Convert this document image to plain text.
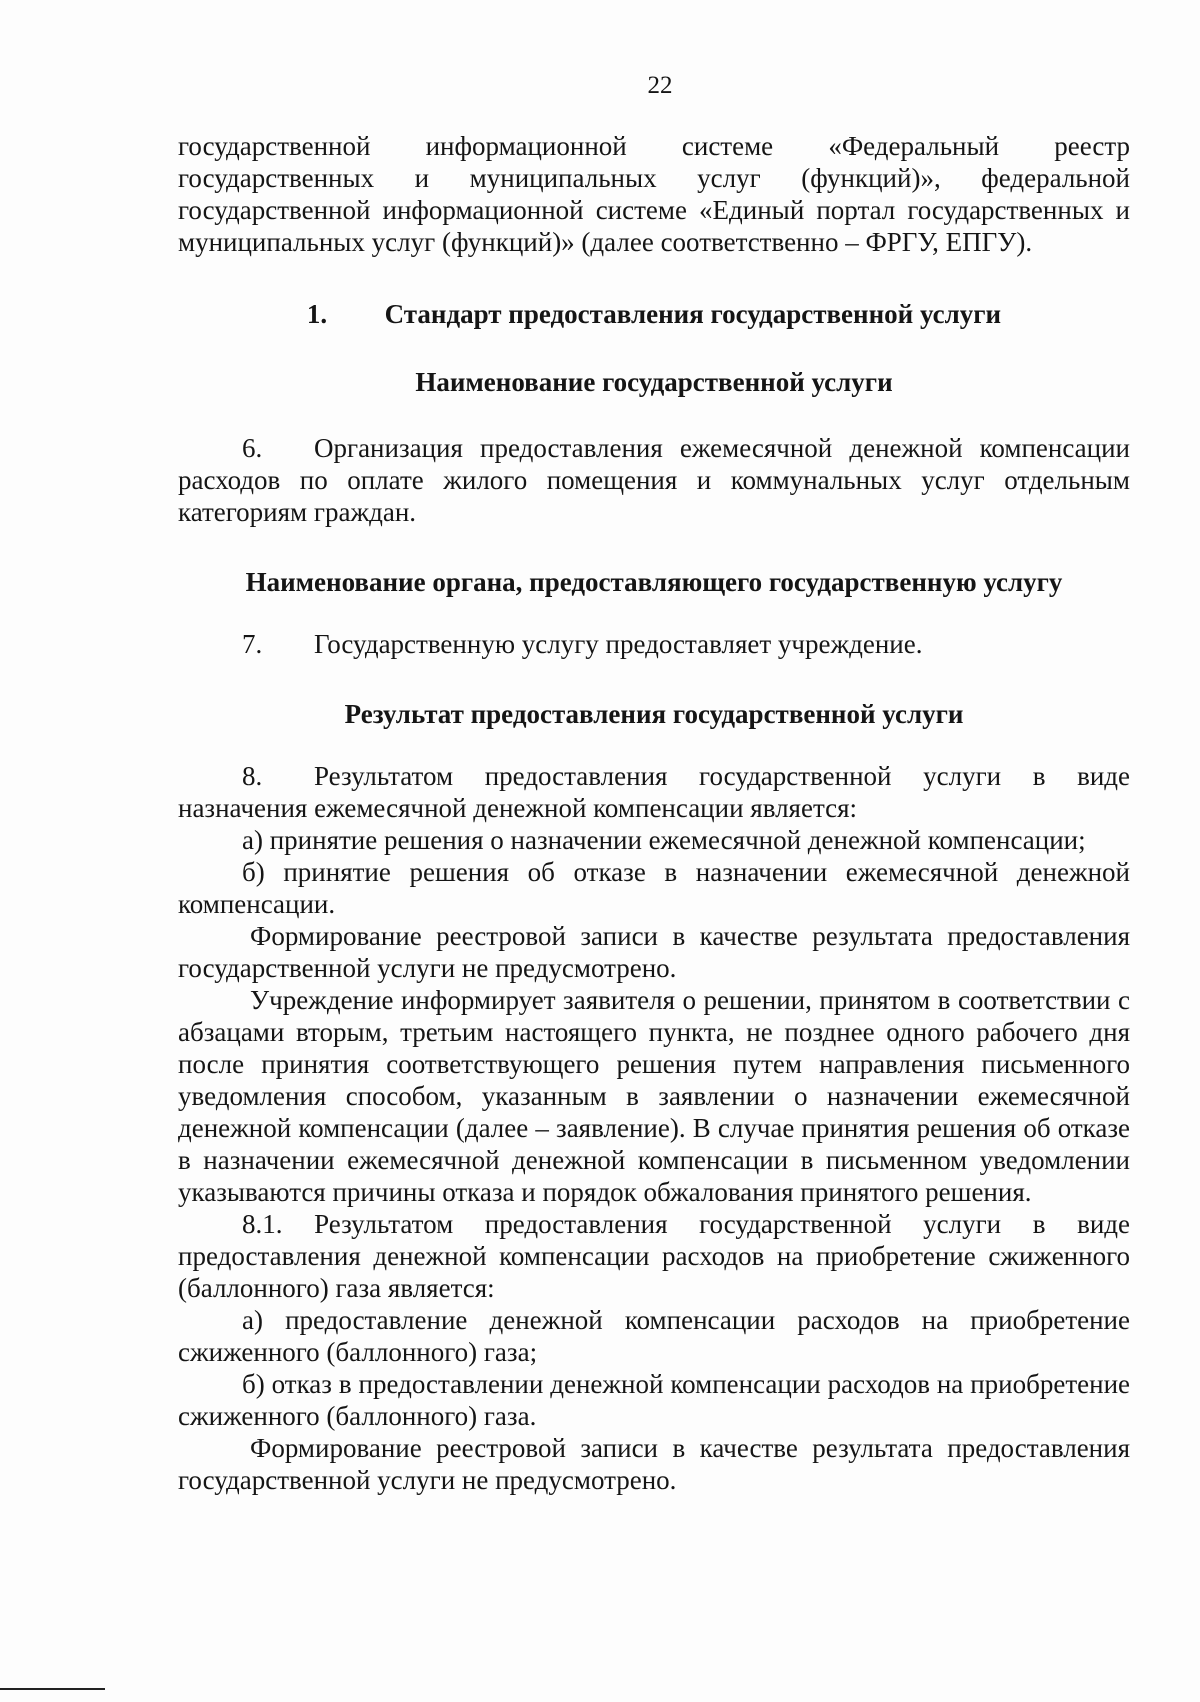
22

государственной информационной системе «Федеральный реестр государственных и муниципальных услуг (функций)», федеральной государственной информационной системе «Единый портал государственных и муниципальных услуг (функций)» (далее соответственно – ФРГУ, ЕПГУ).

1. Стандарт предоставления государственной услуги

Наименование государственной услуги

6. Организация предоставления ежемесячной денежной компенсации расходов по оплате жилого помещения и коммунальных услуг отдельным категориям граждан.

Наименование органа, предоставляющего государственную услугу

7. Государственную услугу предоставляет учреждение.

Результат предоставления государственной услуги

8. Результатом предоставления государственной услуги в виде назначения ежемесячной денежной компенсации является:

а) принятие решения о назначении ежемесячной денежной компенсации;

б) принятие решения об отказе в назначении ежемесячной денежной компенсации.

Формирование реестровой записи в качестве результата предоставления государственной услуги не предусмотрено.

Учреждение информирует заявителя о решении, принятом в соответствии с абзацами вторым, третьим настоящего пункта, не позднее одного рабочего дня после принятия соответствующего решения путем направления письменного уведомления способом, указанным в заявлении о назначении ежемесячной денежной компенсации (далее – заявление). В случае принятия решения об отказе в назначении ежемесячной денежной компенсации в письменном уведомлении указываются причины отказа и порядок обжалования принятого решения.

8.1. Результатом предоставления государственной услуги в виде предоставления денежной компенсации расходов на приобретение сжиженного (баллонного) газа является:

а) предоставление денежной компенсации расходов на приобретение сжиженного (баллонного) газа;

б) отказ в предоставлении денежной компенсации расходов на приобретение сжиженного (баллонного) газа.

Формирование реестровой записи в качестве результата предоставления государственной услуги не предусмотрено.
